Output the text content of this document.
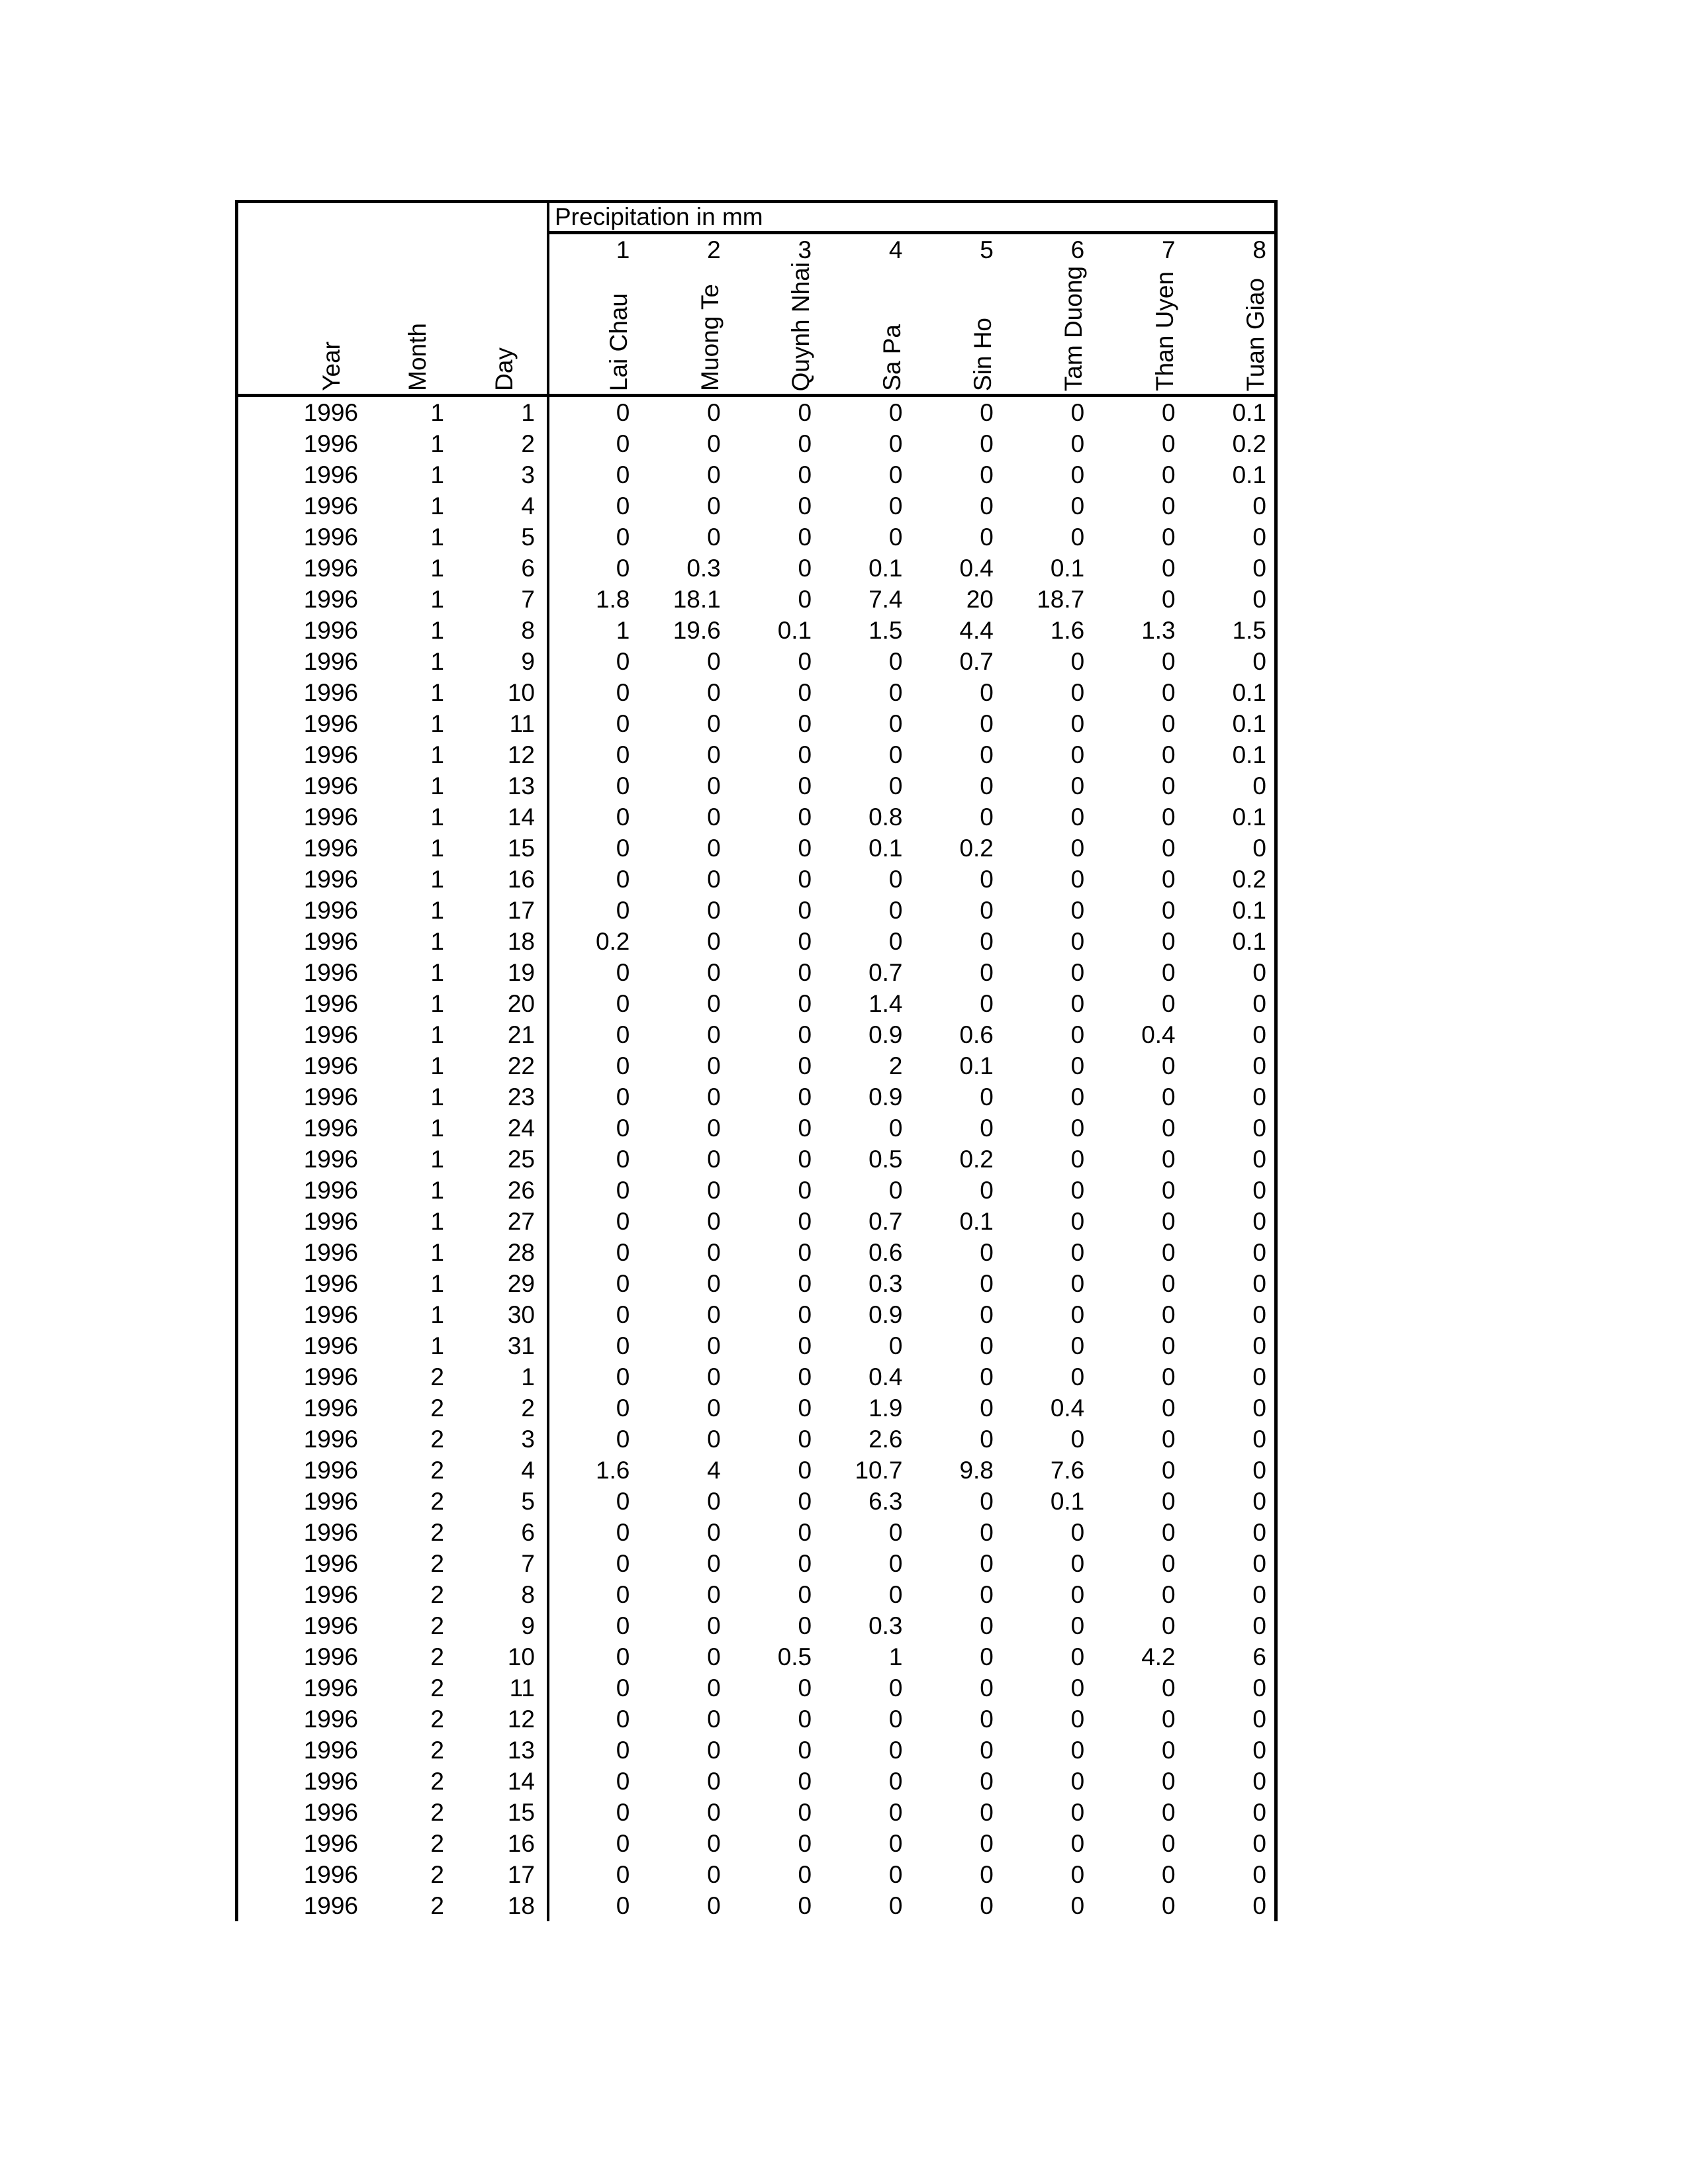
Precipitation in mm
Year Month Day
1
Lai Chau
2
Muong Te
3
Quynh Nhai
4
Sa Pa
5
Sin Ho
6
Tam Duong
7
Than Uyen
8
Tuan Giao
1996	1	1	0	0	0	0	0	0	0	0.1
1996	1	2	0	0	0	0	0	0	0	0.2
1996	1	3	0	0	0	0	0	0	0	0.1
1996	1	4	0	0	0	0	0	0	0	0
1996	1	5	0	0	0	0	0	0	0	0
1996	1	6	0	0.3	0	0.1	0.4	0.1	0	0
1996	1	7	1.8	18.1	0	7.4	20	18.7	0	0
1996	1	8	1	19.6	0.1	1.5	4.4	1.6	1.3	1.5
1996	1	9	0	0	0	0	0.7	0	0	0
1996	1	10	0	0	0	0	0	0	0	0.1
1996	1	11	0	0	0	0	0	0	0	0.1
1996	1	12	0	0	0	0	0	0	0	0.1
1996	1	13	0	0	0	0	0	0	0	0
1996	1	14	0	0	0	0.8	0	0	0	0.1
1996	1	15	0	0	0	0.1	0.2	0	0	0
1996	1	16	0	0	0	0	0	0	0	0.2
1996	1	17	0	0	0	0	0	0	0	0.1
1996	1	18	0.2	0	0	0	0	0	0	0.1
1996	1	19	0	0	0	0.7	0	0	0	0
1996	1	20	0	0	0	1.4	0	0	0	0
1996	1	21	0	0	0	0.9	0.6	0	0.4	0
1996	1	22	0	0	0	2	0.1	0	0	0
1996	1	23	0	0	0	0.9	0	0	0	0
1996	1	24	0	0	0	0	0	0	0	0
1996	1	25	0	0	0	0.5	0.2	0	0	0
1996	1	26	0	0	0	0	0	0	0	0
1996	1	27	0	0	0	0.7	0.1	0	0	0
1996	1	28	0	0	0	0.6	0	0	0	0
1996	1	29	0	0	0	0.3	0	0	0	0
1996	1	30	0	0	0	0.9	0	0	0	0
1996	1	31	0	0	0	0	0	0	0	0
1996	2	1	0	0	0	0.4	0	0	0	0
1996	2	2	0	0	0	1.9	0	0.4	0	0
1996	2	3	0	0	0	2.6	0	0	0	0
1996	2	4	1.6	4	0	10.7	9.8	7.6	0	0
1996	2	5	0	0	0	6.3	0	0.1	0	0
1996	2	6	0	0	0	0	0	0	0	0
1996	2	7	0	0	0	0	0	0	0	0
1996	2	8	0	0	0	0	0	0	0	0
1996	2	9	0	0	0	0.3	0	0	0	0
1996	2	10	0	0	0.5	1	0	0	4.2	6
1996	2	11	0	0	0	0	0	0	0	0
1996	2	12	0	0	0	0	0	0	0	0
1996	2	13	0	0	0	0	0	0	0	0
1996	2	14	0	0	0	0	0	0	0	0
1996	2	15	0	0	0	0	0	0	0	0
1996	2	16	0	0	0	0	0	0	0	0
1996	2	17	0	0	0	0	0	0	0	0
1996	2	18	0	0	0	0	0	0	0	0
